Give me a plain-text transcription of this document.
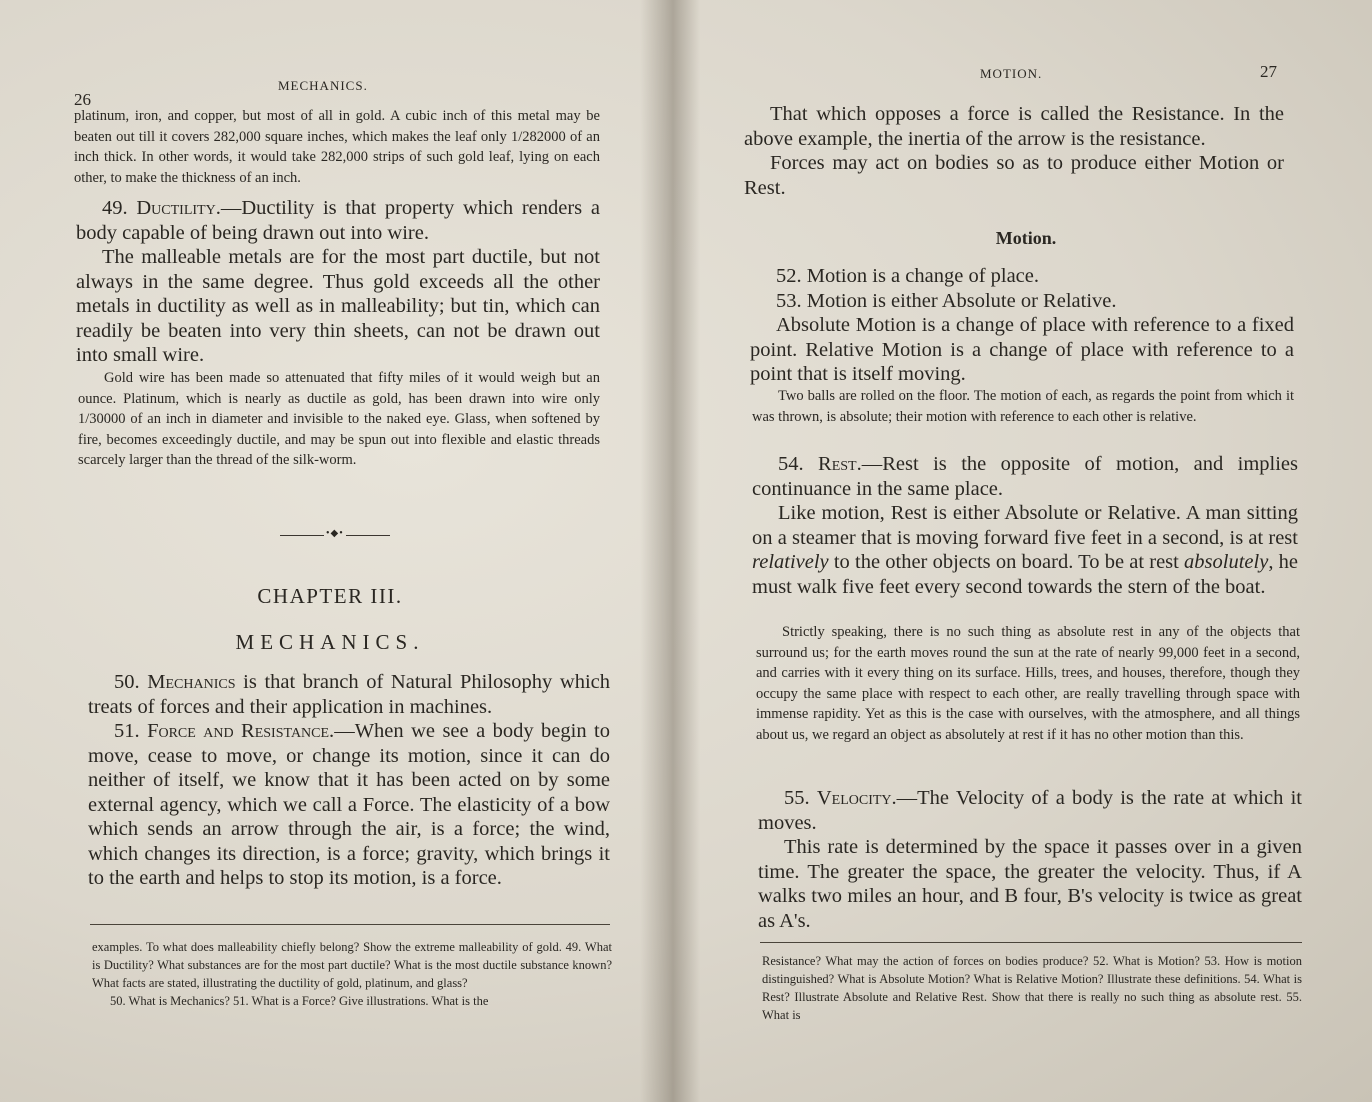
26
MECHANICS.

platinum, iron, and copper, but most of all in gold. A cubic inch of this metal may be beaten out till it covers 282,000 square inches, which makes the leaf only 1/282000 of an inch thick. In other words, it would take 282,000 strips of such gold leaf, lying on each other, to make the thickness of an inch.

49. Ductility.—Ductility is that property which renders a body capable of being drawn out into wire.

The malleable metals are for the most part ductile, but not always in the same degree. Thus gold exceeds all the other metals in ductility as well as in malleability; but tin, which can readily be beaten into very thin sheets, can not be drawn out into small wire.

Gold wire has been made so attenuated that fifty miles of it would weigh but an ounce. Platinum, which is nearly as ductile as gold, has been drawn into wire only 1/30000 of an inch in diameter and invisible to the naked eye. Glass, when softened by fire, becomes exceedingly ductile, and may be spun out into flexible and elastic threads scarcely larger than the thread of the silk-worm.

•◆•
CHAPTER III.
MECHANICS.

50. Mechanics is that branch of Natural Philosophy which treats of forces and their application in machines.

51. Force and Resistance.—When we see a body begin to move, cease to move, or change its motion, since it can do neither of itself, we know that it has been acted on by some external agency, which we call a Force. The elasticity of a bow which sends an arrow through the air, is a force; the wind, which changes its direction, is a force; gravity, which brings it to the earth and helps to stop its motion, is a force.

examples. To what does malleability chiefly belong? Show the extreme malleability of gold. 49. What is Ductility? What substances are for the most part ductile? What is the most ductile substance known? What facts are stated, illustrating the ductility of gold, platinum, and glass?

50. What is Mechanics? 51. What is a Force? Give illustrations. What is the

MOTION.	27

That which opposes a force is called the Resistance. In the above example, the inertia of the arrow is the resistance.

Forces may act on bodies so as to produce either Motion or Rest.

Motion.

52. Motion is a change of place.

53. Motion is either Absolute or Relative.

Absolute Motion is a change of place with reference to a fixed point. Relative Motion is a change of place with reference to a point that is itself moving.

Two balls are rolled on the floor. The motion of each, as regards the point from which it was thrown, is absolute; their motion with reference to each other is relative.

54. Rest.—Rest is the opposite of motion, and implies continuance in the same place.

Like motion, Rest is either Absolute or Relative. A man sitting on a steamer that is moving forward five feet in a second, is at rest relatively to the other objects on board. To be at rest absolutely, he must walk five feet every second towards the stern of the boat.

Strictly speaking, there is no such thing as absolute rest in any of the objects that surround us; for the earth moves round the sun at the rate of nearly 99,000 feet in a second, and carries with it every thing on its surface. Hills, trees, and houses, therefore, though they occupy the same place with respect to each other, are really travelling through space with immense rapidity. Yet as this is the case with ourselves, with the atmosphere, and all things about us, we regard an object as absolutely at rest if it has no other motion than this.

55. Velocity.—The Velocity of a body is the rate at which it moves.

This rate is determined by the space it passes over in a given time. The greater the space, the greater the velocity. Thus, if A walks two miles an hour, and B four, B's velocity is twice as great as A's.

Resistance? What may the action of forces on bodies produce? 52. What is Motion? 53. How is motion distinguished? What is Absolute Motion? What is Relative Motion? Illustrate these definitions. 54. What is Rest? Illustrate Absolute and Relative Rest. Show that there is really no such thing as absolute rest. 55. What is
